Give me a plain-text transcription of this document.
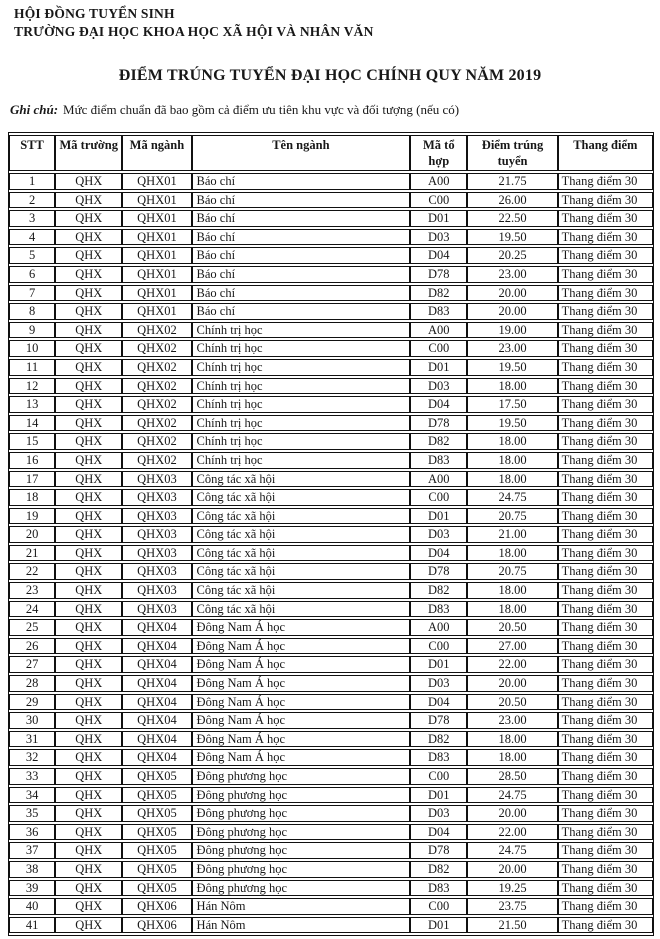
HỘI ĐỒNG TUYỂN SINH
TRƯỜNG ĐẠI HỌC KHOA HỌC XÃ HỘI VÀ NHÂN VĂN
ĐIỂM TRÚNG TUYỂN ĐẠI HỌC CHÍNH QUY NĂM 2019
Ghi chú: Mức điểm chuẩn đã bao gồm cả điểm ưu tiên khu vực và đối tượng (nếu có)
STT	Mã trường	Mã ngành	Tên ngành	Mã tổ hợp	Điểm trúng tuyển	Thang điểm
1	QHX	QHX01	Báo chí	A00	21.75	Thang điểm 30
2	QHX	QHX01	Báo chí	C00	26.00	Thang điểm 30
3	QHX	QHX01	Báo chí	D01	22.50	Thang điểm 30
4	QHX	QHX01	Báo chí	D03	19.50	Thang điểm 30
5	QHX	QHX01	Báo chí	D04	20.25	Thang điểm 30
6	QHX	QHX01	Báo chí	D78	23.00	Thang điểm 30
7	QHX	QHX01	Báo chí	D82	20.00	Thang điểm 30
8	QHX	QHX01	Báo chí	D83	20.00	Thang điểm 30
9	QHX	QHX02	Chính trị học	A00	19.00	Thang điểm 30
10	QHX	QHX02	Chính trị học	C00	23.00	Thang điểm 30
11	QHX	QHX02	Chính trị học	D01	19.50	Thang điểm 30
12	QHX	QHX02	Chính trị học	D03	18.00	Thang điểm 30
13	QHX	QHX02	Chính trị học	D04	17.50	Thang điểm 30
14	QHX	QHX02	Chính trị học	D78	19.50	Thang điểm 30
15	QHX	QHX02	Chính trị học	D82	18.00	Thang điểm 30
16	QHX	QHX02	Chính trị học	D83	18.00	Thang điểm 30
17	QHX	QHX03	Công tác xã hội	A00	18.00	Thang điểm 30
18	QHX	QHX03	Công tác xã hội	C00	24.75	Thang điểm 30
19	QHX	QHX03	Công tác xã hội	D01	20.75	Thang điểm 30
20	QHX	QHX03	Công tác xã hội	D03	21.00	Thang điểm 30
21	QHX	QHX03	Công tác xã hội	D04	18.00	Thang điểm 30
22	QHX	QHX03	Công tác xã hội	D78	20.75	Thang điểm 30
23	QHX	QHX03	Công tác xã hội	D82	18.00	Thang điểm 30
24	QHX	QHX03	Công tác xã hội	D83	18.00	Thang điểm 30
25	QHX	QHX04	Đông Nam Á học	A00	20.50	Thang điểm 30
26	QHX	QHX04	Đông Nam Á học	C00	27.00	Thang điểm 30
27	QHX	QHX04	Đông Nam Á học	D01	22.00	Thang điểm 30
28	QHX	QHX04	Đông Nam Á học	D03	20.00	Thang điểm 30
29	QHX	QHX04	Đông Nam Á học	D04	20.50	Thang điểm 30
30	QHX	QHX04	Đông Nam Á học	D78	23.00	Thang điểm 30
31	QHX	QHX04	Đông Nam Á học	D82	18.00	Thang điểm 30
32	QHX	QHX04	Đông Nam Á học	D83	18.00	Thang điểm 30
33	QHX	QHX05	Đông phương học	C00	28.50	Thang điểm 30
34	QHX	QHX05	Đông phương học	D01	24.75	Thang điểm 30
35	QHX	QHX05	Đông phương học	D03	20.00	Thang điểm 30
36	QHX	QHX05	Đông phương học	D04	22.00	Thang điểm 30
37	QHX	QHX05	Đông phương học	D78	24.75	Thang điểm 30
38	QHX	QHX05	Đông phương học	D82	20.00	Thang điểm 30
39	QHX	QHX05	Đông phương học	D83	19.25	Thang điểm 30
40	QHX	QHX06	Hán Nôm	C00	23.75	Thang điểm 30
41	QHX	QHX06	Hán Nôm	D01	21.50	Thang điểm 30
